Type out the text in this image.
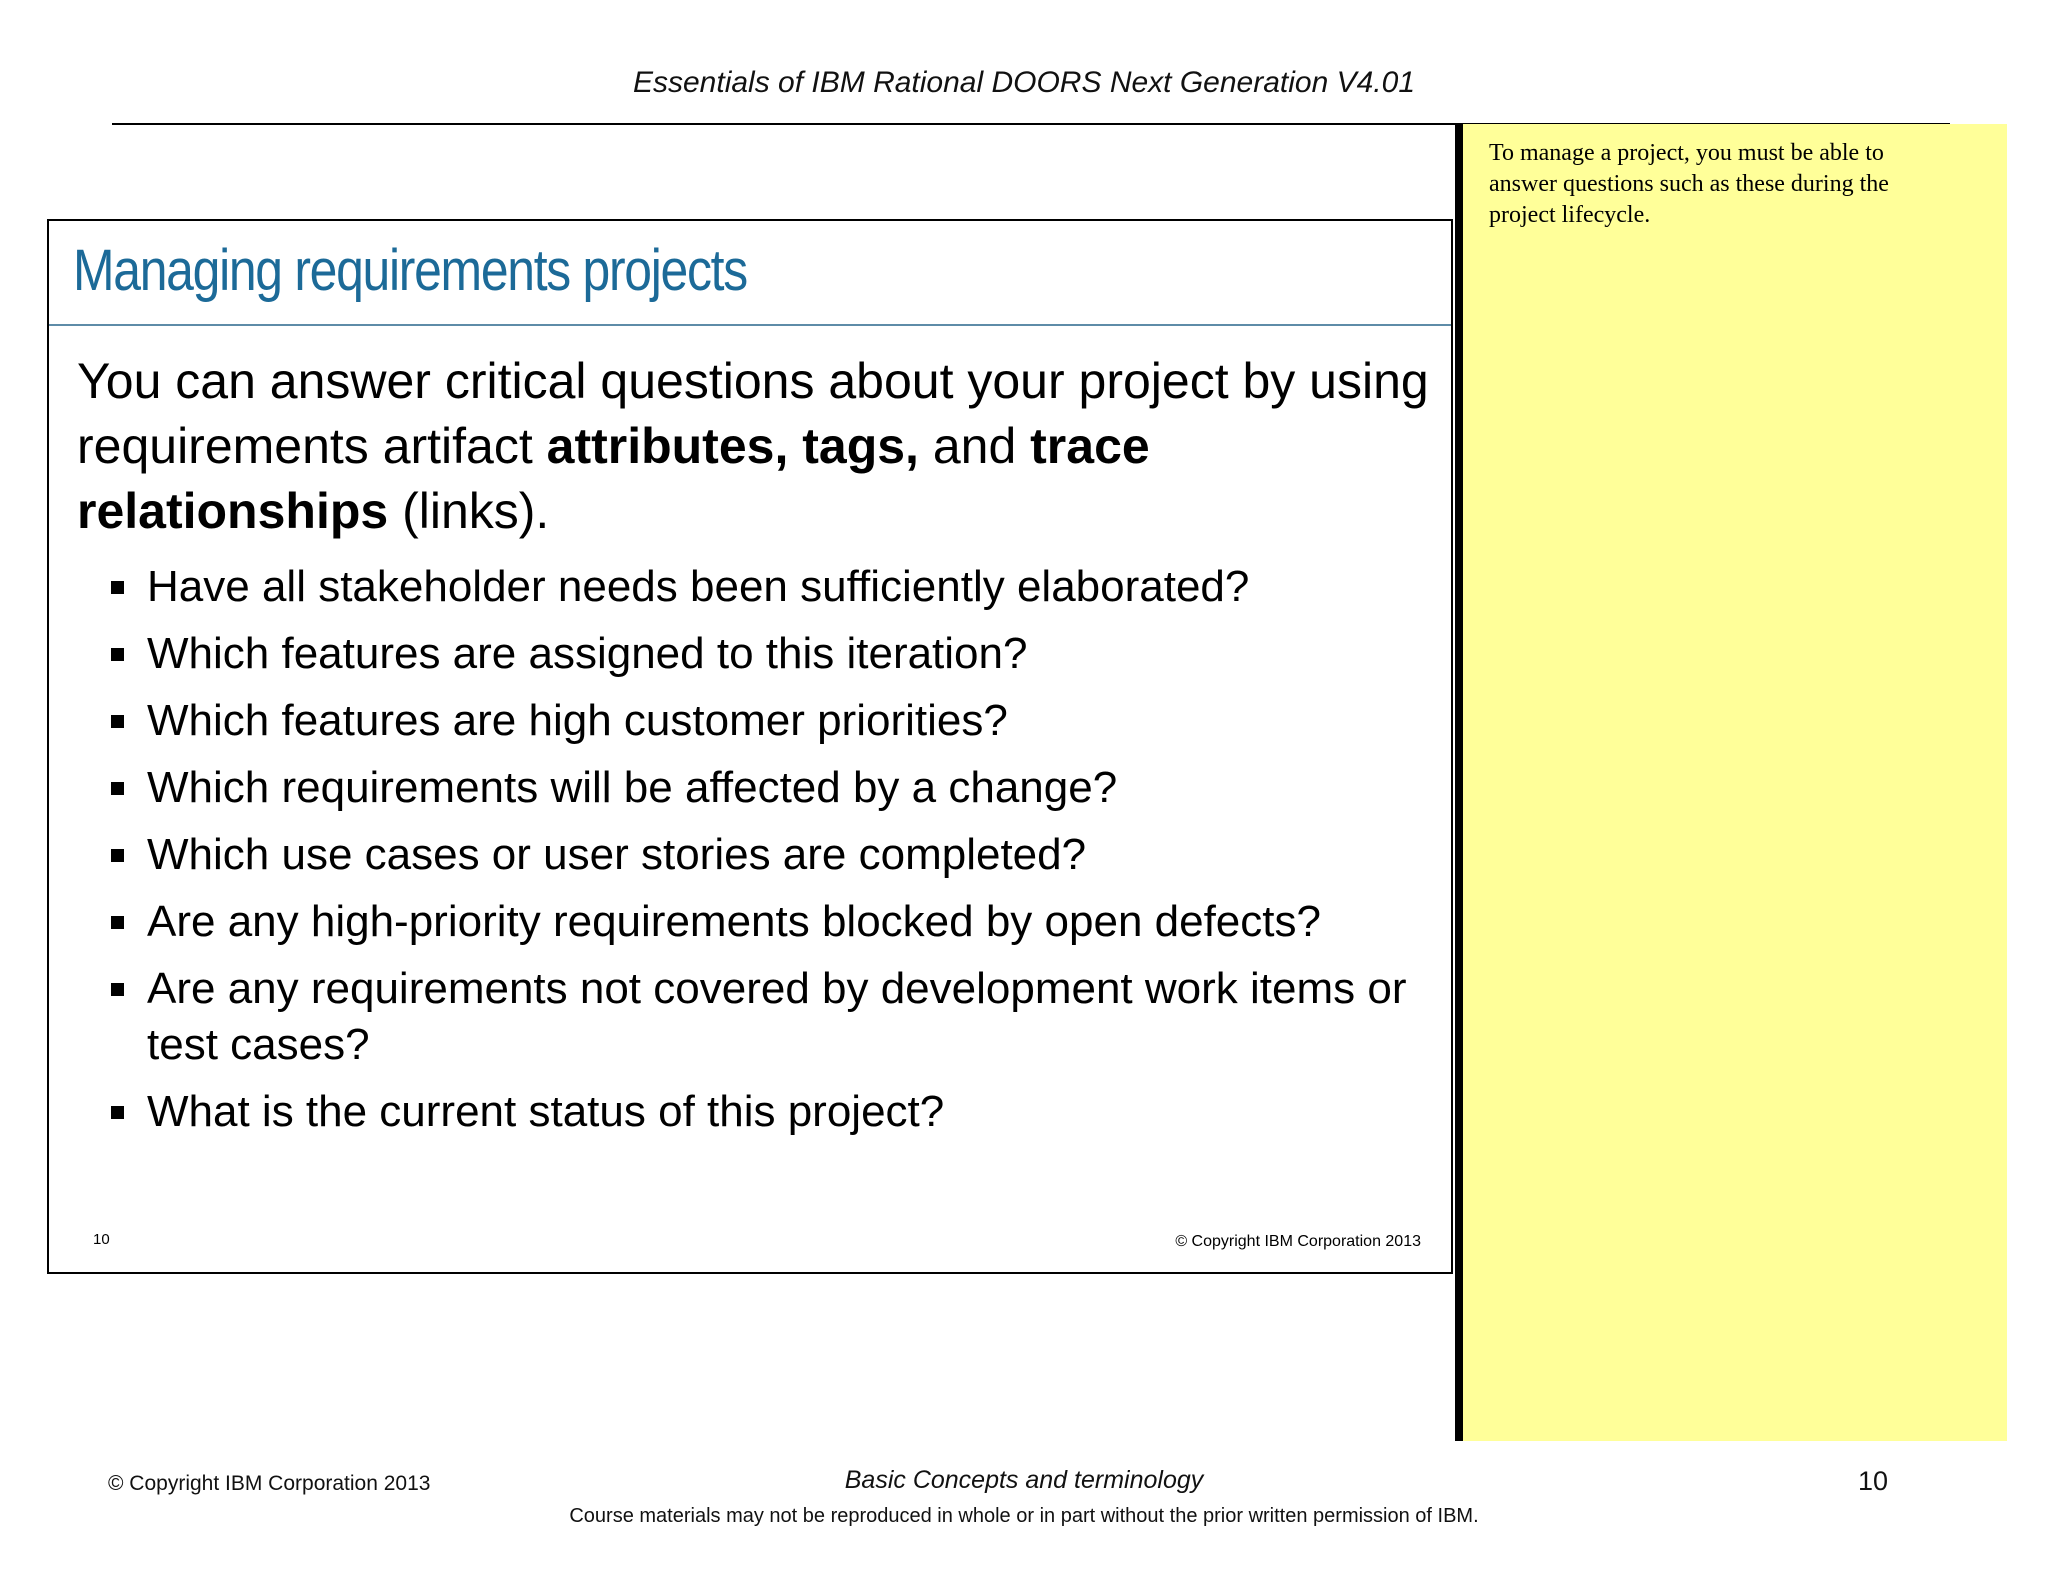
Essentials of IBM Rational DOORS Next Generation V4.01
Managing requirements projects
You can answer critical questions about your project by using requirements artifact attributes, tags, and trace relationships (links).
Have all stakeholder needs been sufficiently elaborated?
Which features are assigned to this iteration?
Which features are high customer priorities?
Which requirements will be affected by a change?
Which use cases or user stories are completed?
Are any high-priority requirements blocked by open defects?
Are any requirements not covered by development work items or test cases?
What is the current status of this project?
10	© Copyright IBM Corporation 2013
To manage a project, you must be able to answer questions such as these during the project lifecycle.
© Copyright IBM Corporation 2013	Basic Concepts and terminology	10
Course materials may not be reproduced in whole or in part without the prior written permission of IBM.
